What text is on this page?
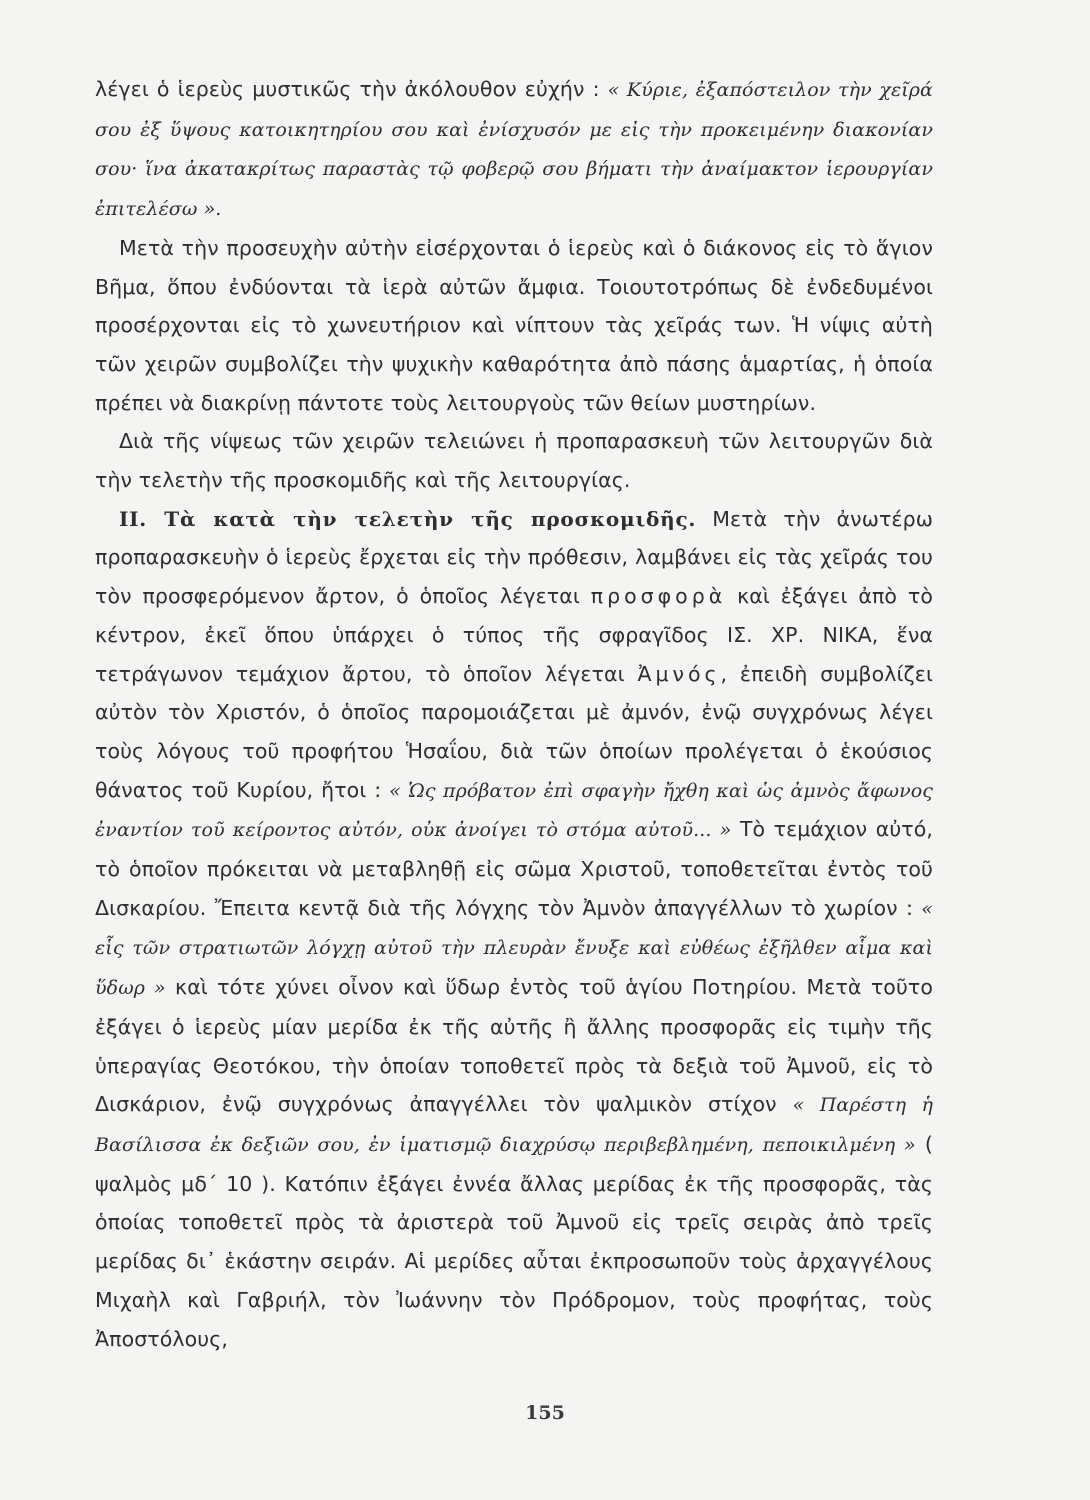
λέγει ὁ ἱερεὺς μυστικῶς τὴν ἀκόλουθον εὐχήν : « Κύριε, ἐξαπόστειλον τὴν χεῖρά σου ἐξ ὕψους κατοικητηρίου σου καὶ ἐνίσχυσόν με εἰς τὴν προκειμένην διακονίαν σου· ἵνα ἀκατακρίτως παραστὰς τῷ φοβερῷ σου βήματι τὴν ἀναίμακτον ἱερουργίαν ἐπιτελέσω ».

Μετὰ τὴν προσευχὴν αὐτὴν εἰσέρχονται ὁ ἱερεὺς καὶ ὁ διάκονος εἰς τὸ ἅγιον Βῆμα, ὅπου ἐνδύονται τὰ ἱερὰ αὐτῶν ἄμφια. Τοιουτοτρόπως δὲ ἐνδεδυμένοι προσέρχονται εἰς τὸ χωνευτήριον καὶ νίπτουν τὰς χεῖράς των. Ἡ νίψις αὐτὴ τῶν χειρῶν συμβολίζει τὴν ψυχικὴν καθαρότητα ἀπὸ πάσης ἁμαρτίας, ἡ ὁποία πρέπει νὰ διακρίνῃ πάντοτε τοὺς λειτουργοὺς τῶν θείων μυστηρίων.

Διὰ τῆς νίψεως τῶν χειρῶν τελειώνει ἡ προπαρασκευὴ τῶν λειτουργῶν διὰ τὴν τελετὴν τῆς προσκομιδῆς καὶ τῆς λειτουργίας.

ΙΙ. Τὰ κατὰ τὴν τελετὴν τῆς προσκομιδῆς. Μετὰ τὴν ἀνωτέρω προπαρασκευὴν ὁ ἱερεὺς ἔρχεται εἰς τὴν πρόθεσιν, λαμβάνει εἰς τὰς χεῖράς του τὸν προσφερόμενον ἄρτον, ὁ ὁποῖος λέγεται προσφορὰ καὶ ἐξάγει ἀπὸ τὸ κέντρον, ἐκεῖ ὅπου ὑπάρχει ὁ τύπος τῆς σφραγῖδος ΙΣ. ΧΡ. ΝΙΚΑ, ἕνα τετράγωνον τεμάχιον ἄρτου, τὸ ὁποῖον λέγεται Ἀμνός, ἐπειδὴ συμβολίζει αὐτὸν τὸν Χριστόν, ὁ ὁποῖος παρομοιάζεται μὲ ἀμνόν, ἐνῷ συγχρόνως λέγει τοὺς λόγους τοῦ προφήτου Ἡσαΐου, διὰ τῶν ὁποίων προλέγεται ὁ ἑκούσιος θάνατος τοῦ Κυρίου, ἤτοι : « Ὡς πρόβατον ἐπὶ σφαγὴν ἤχθη καὶ ὡς ἀμνὸς ἄφωνος ἐναντίον τοῦ κείροντος αὐτόν, οὐκ ἀνοίγει τὸ στόμα αὐτοῦ... » Τὸ τεμάχιον αὐτό, τὸ ὁποῖον πρόκειται νὰ μεταβληθῇ εἰς σῶμα Χριστοῦ, τοποθετεῖται ἐντὸς τοῦ Δισκαρίου. Ἔπειτα κεντᾷ διὰ τῆς λόγχης τὸν Ἀμνὸν ἀπαγγέλλων τὸ χωρίον : « εἷς τῶν στρατιωτῶν λόγχῃ αὐτοῦ τὴν πλευρὰν ἔνυξε καὶ εὐθέως ἐξῆλθεν αἷμα καὶ ὕδωρ » καὶ τότε χύνει οἶνον καὶ ὕδωρ ἐντὸς τοῦ ἁγίου Ποτηρίου. Μετὰ τοῦτο ἐξάγει ὁ ἱερεὺς μίαν μερίδα ἐκ τῆς αὐτῆς ἢ ἄλλης προσφορᾶς εἰς τιμὴν τῆς ὑπεραγίας Θεοτόκου, τὴν ὁποίαν τοποθετεῖ πρὸς τὰ δεξιὰ τοῦ Ἀμνοῦ, εἰς τὸ Δισκάριον, ἐνῷ συγχρόνως ἀπαγγέλλει τὸν ψαλμικὸν στίχον « Παρέστη ἡ Βασίλισσα ἐκ δεξιῶν σου, ἐν ἱματισμῷ διαχρύσῳ περιβεβλημένη, πεποικιλμένη » ( ψαλμὸς μδ΄ 10 ). Κατόπιν ἐξάγει ἐννέα ἄλλας μερίδας ἐκ τῆς προσφορᾶς, τὰς ὁποίας τοποθετεῖ πρὸς τὰ ἀριστερὰ τοῦ Ἀμνοῦ εἰς τρεῖς σειρὰς ἀπὸ τρεῖς μερίδας δι᾿ ἑκάστην σειράν. Αἱ μερίδες αὗται ἐκπροσωποῦν τοὺς ἀρχαγγέλους Μιχαὴλ καὶ Γαβριήλ, τὸν Ἰωάννην τὸν Πρόδρομον, τοὺς προφήτας, τοὺς Ἀποστόλους,

155
